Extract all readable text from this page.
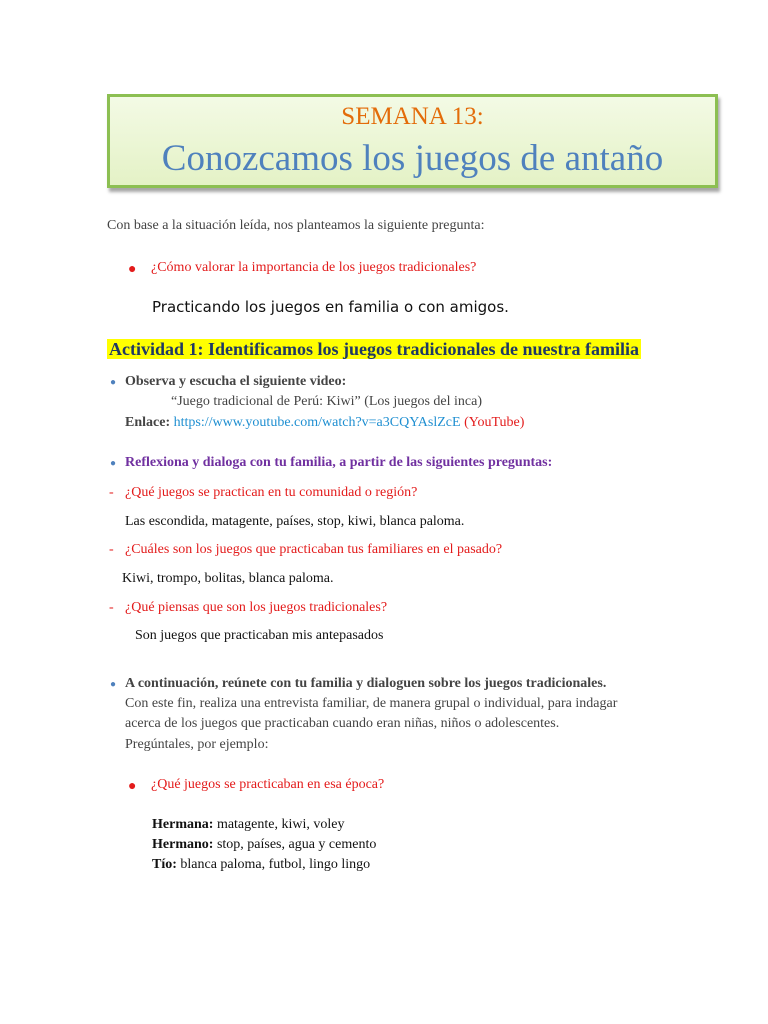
SEMANA 13:
Conozcamos los juegos de antaño
Con base a la situación leída, nos planteamos la siguiente pregunta:
● ¿Cómo valorar la importancia de los juegos tradicionales?
Practicando los juegos en familia o con amigos.
Actividad 1: Identificamos los juegos tradicionales de nuestra familia
● Observa y escucha el siguiente video:
“Juego tradicional de Perú: Kiwi” (Los juegos del inca)
Enlace: https://www.youtube.com/watch?v=a3CQYAslZcE (YouTube)
● Reflexiona y dialoga con tu familia, a partir de las siguientes preguntas:
- ¿Qué juegos se practican en tu comunidad o región?
Las escondida, matagente, países, stop, kiwi, blanca paloma.
- ¿Cuáles son los juegos que practicaban tus familiares en el pasado?
Kiwi, trompo, bolitas, blanca paloma.
- ¿Qué piensas que son los juegos tradicionales?
Son juegos que practicaban mis antepasados
● A continuación, reúnete con tu familia y dialoguen sobre los juegos tradicionales.
Con este fin, realiza una entrevista familiar, de manera grupal o individual, para indagar
acerca de los juegos que practicaban cuando eran niñas, niños o adolescentes.
Pregúntales, por ejemplo:
● ¿Qué juegos se practicaban en esa época?
Hermana: matagente, kiwi, voley
Hermano: stop, países, agua y cemento
Tío: blanca paloma, futbol, lingo lingo
